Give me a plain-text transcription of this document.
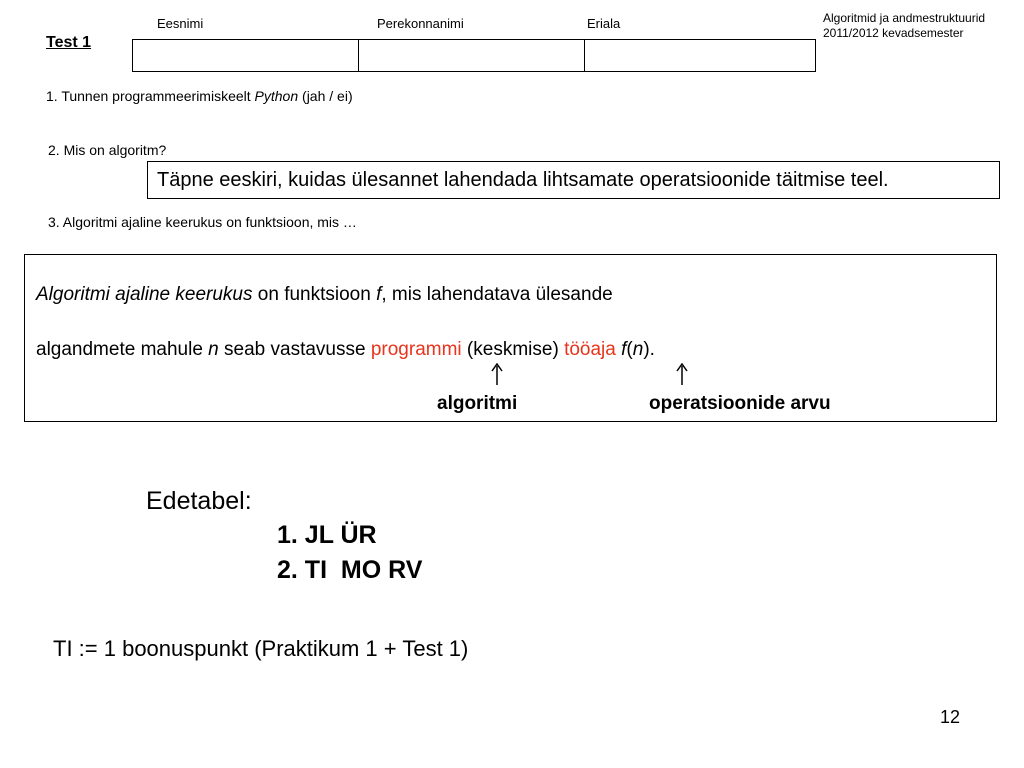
Eesnimi	Perekonnanimi	Eriala	Algoritmid ja andmestruktuurid
2011/2012 kevadsemester
Test 1
1. Tunnen programmeerimiskeelt Python (jah / ei)
2. Mis on algoritm?
Täpne eeskiri, kuidas ülesannet lahendada lihtsamate operatsioonide täitmise teel.
3. Algoritmi ajaline keerukus on funktsioon, mis …
Algoritmi ajaline keerukus on funktsioon f, mis lahendatava ülesande
algandmete mahule n seab vastavusse programmi (keskmise) tööaja f(n).
algoritmi	operatsioonide arvu
Edetabel:
1. JL ÜR
2. TI  MO RV
TI := 1 boonuspunkt (Praktikum 1 + Test 1)
12
